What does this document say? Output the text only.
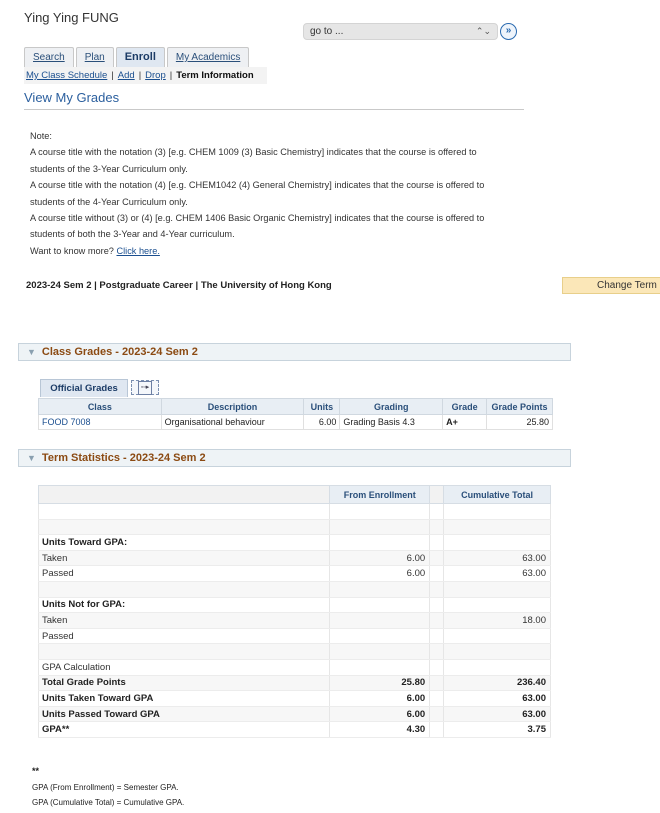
Ying Ying FUNG
go to ...	⌃⌄	»
Search	Plan	Enroll	My Academics
My Class Schedule | Add | Drop | Term Information
View My Grades

Note:

A course title with the notation (3) [e.g. CHEM 1009 (3) Basic Chemistry] indicates that the course is offered to

students of the 3-Year Curriculum only.

A course title with the notation (4) [e.g. CHEM1042 (4) General Chemistry] indicates that the course is offered to

students of the 4-Year Curriculum only.

A course title without (3) or (4) [e.g. CHEM 1406 Basic Organic Chemistry] indicates that the course is offered to

students of both the 3-Year and 4-Year curriculum.

Want to know more? Click here.

2023-24 Sem 2 | Postgraduate Career | The University of Hong Kong	Change Term
▼ Class Grades - 2023-24 Sem 2
Official Grades	▫▫▸
Class	Description	Units	Grading	Grade	Grade Points
FOOD 7008	Organisational behaviour	6.00	Grading Basis 4.3	A+	25.80
▼ Term Statistics - 2023-24 Sem 2
	From Enrollment		Cumulative Total

Units Toward GPA:			
Taken	6.00		63.00
Passed	6.00		63.00

Units Not for GPA:			
Taken			18.00
Passed			

GPA Calculation			
Total Grade Points	25.80		236.40
Units Taken Toward GPA	6.00		63.00
Units Passed Toward GPA	6.00		63.00
GPA**	4.30		3.75
**
GPA (From Enrollment) = Semester GPA.
GPA (Cumulative Total) = Cumulative GPA.
